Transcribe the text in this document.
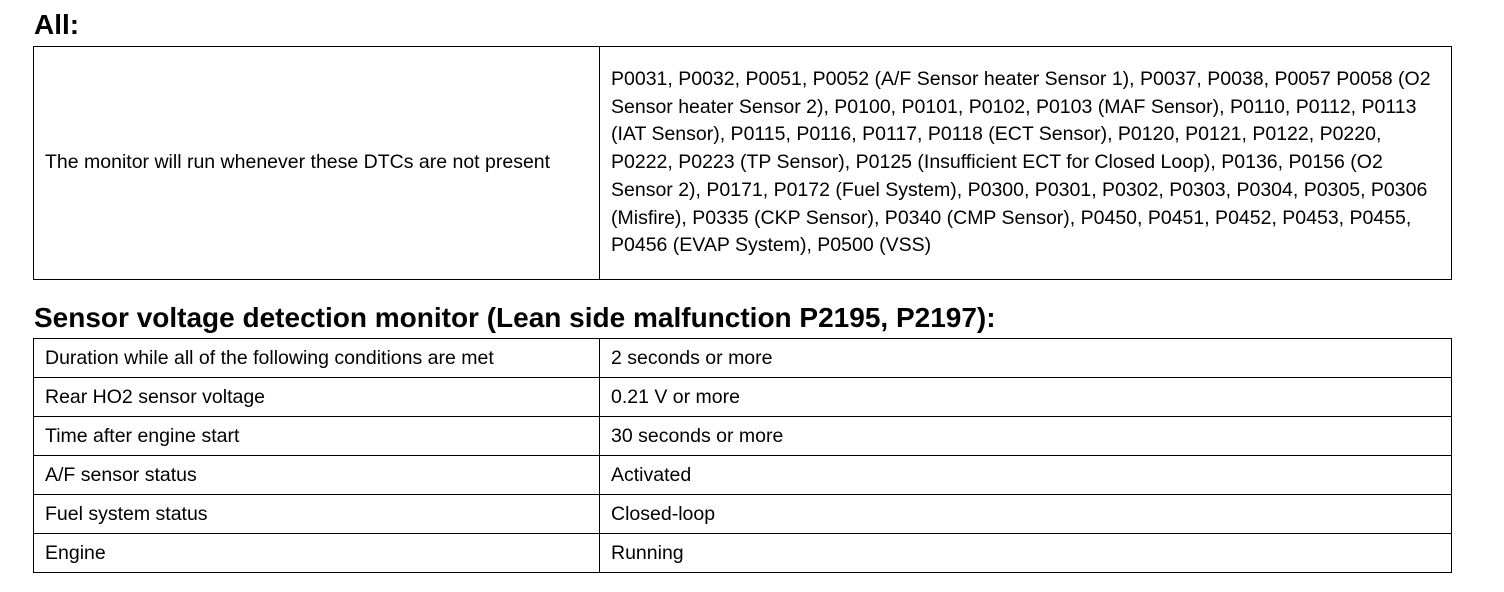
All:
The monitor will run whenever these DTCs are not present	P0031, P0032, P0051, P0052 (A/F Sensor heater Sensor 1), P0037, P0038, P0057 P0058 (O2 Sensor heater Sensor 2), P0100, P0101, P0102, P0103 (MAF Sensor), P0110, P0112, P0113 (IAT Sensor), P0115, P0116, P0117, P0118 (ECT Sensor), P0120, P0121, P0122, P0220, P0222, P0223 (TP Sensor), P0125 (Insufficient ECT for Closed Loop), P0136, P0156 (O2 Sensor 2), P0171, P0172 (Fuel System), P0300, P0301, P0302, P0303, P0304, P0305, P0306 (Misfire), P0335 (CKP Sensor), P0340 (CMP Sensor), P0450, P0451, P0452, P0453, P0455, P0456 (EVAP System), P0500 (VSS)
Sensor voltage detection monitor (Lean side malfunction P2195, P2197):
Duration while all of the following conditions are met	2 seconds or more
Rear HO2 sensor voltage	0.21 V or more
Time after engine start	30 seconds or more
A/F sensor status	Activated
Fuel system status	Closed-loop
Engine	Running
